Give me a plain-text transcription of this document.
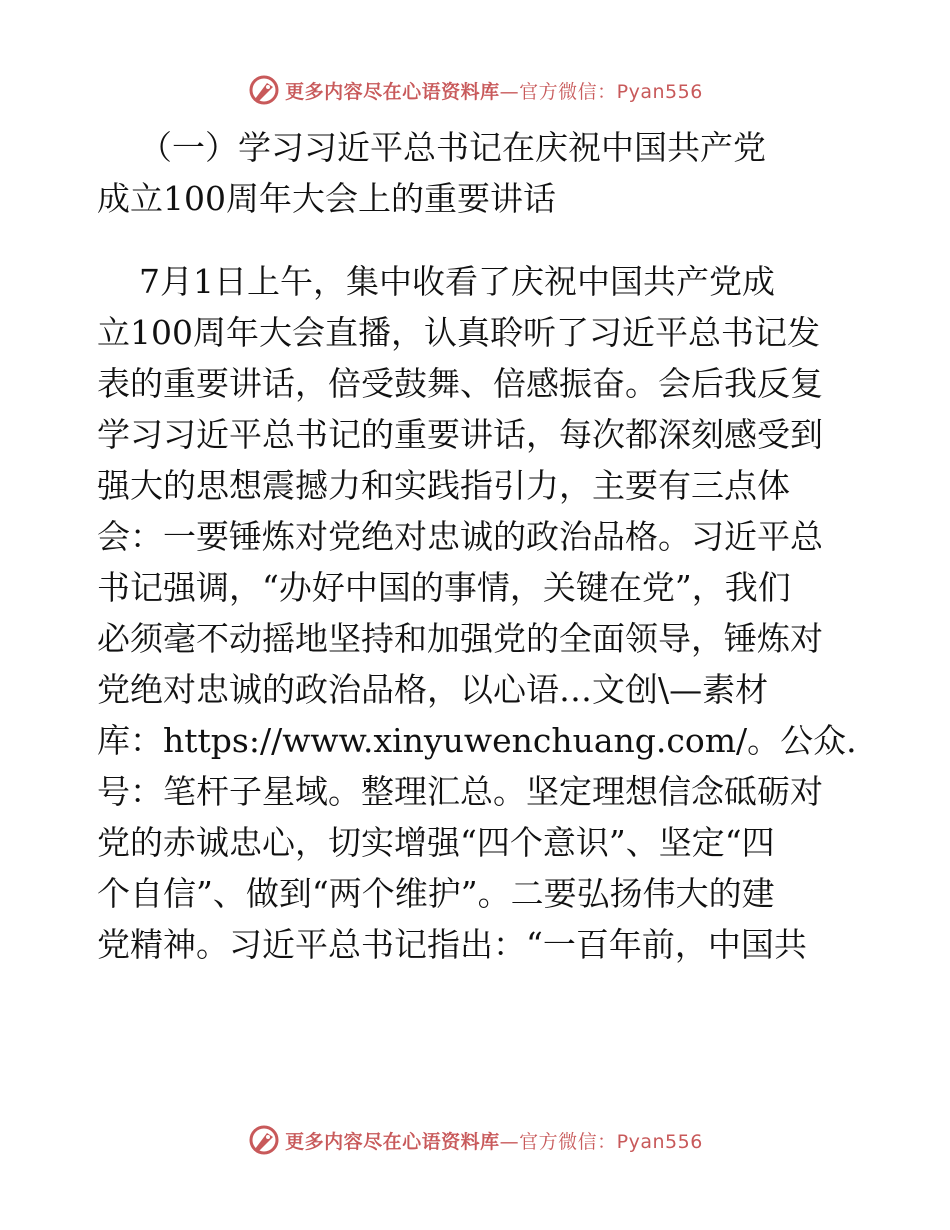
更多内容尽在心语资料库—官方微信：Pyan556
（一）学习习近平总书记在庆祝中国共产党
成立100周年大会上的重要讲话
7月1日上午，集中收看了庆祝中国共产党成
立100周年大会直播，认真聆听了习近平总书记发
表的重要讲话，倍受鼓舞、倍感振奋。会后我反复
学习习近平总书记的重要讲话，每次都深刻感受到
强大的思想震撼力和实践指引力，主要有三点体
会：一要锤炼对党绝对忠诚的政治品格。习近平总
书记强调，“办好中国的事情，关键在党”，我们
必须毫不动摇地坚持和加强党的全面领导，锤炼对
党绝对忠诚的政治品格，以心语…文创\—素材
库：https://www.xinyuwenchuang.com/。公众.
号：笔杆子星域。整理汇总。坚定理想信念砥砺对
党的赤诚忠心，切实增强“四个意识”、坚定“四
个自信”、做到“两个维护”。二要弘扬伟大的建
党精神。习近平总书记指出：“一百年前，中国共
更多内容尽在心语资料库—官方微信：Pyan556
